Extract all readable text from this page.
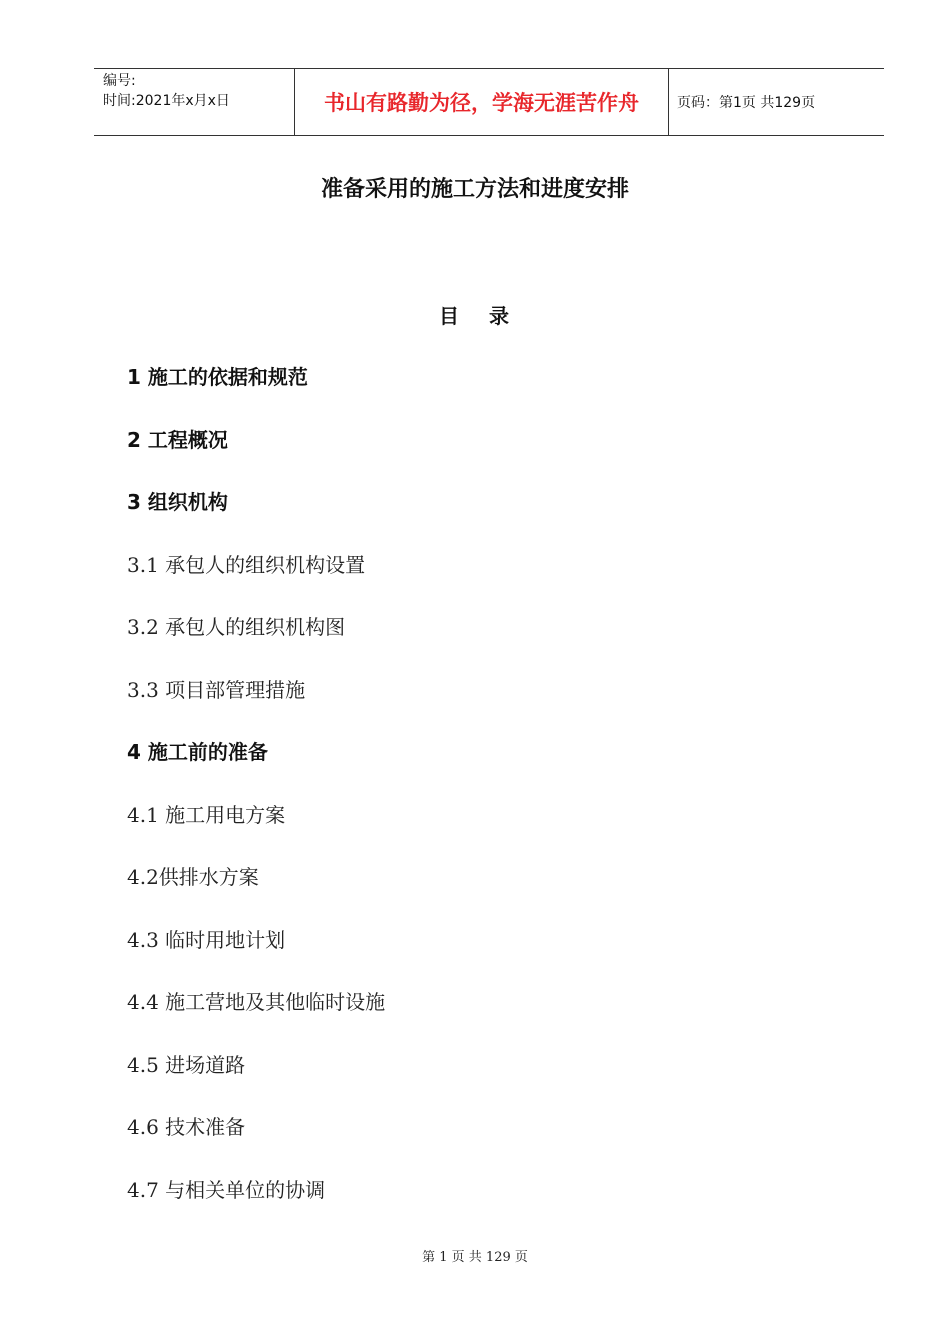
编号:
时间:2021年x月x日	书山有路勤为径，学海无涯苦作舟	页码：第1页 共129页
准备采用的施工方法和进度安排
目录
1 施工的依据和规范
2 工程概况
3 组织机构
3.1 承包人的组织机构设置
3.2 承包人的组织机构图
3.3 项目部管理措施
4 施工前的准备
4.1 施工用电方案
4.2供排水方案
4.3 临时用地计划
4.4 施工营地及其他临时设施
4.5 进场道路
4.6 技术准备
4.7 与相关单位的协调
第 1 页 共 129 页
